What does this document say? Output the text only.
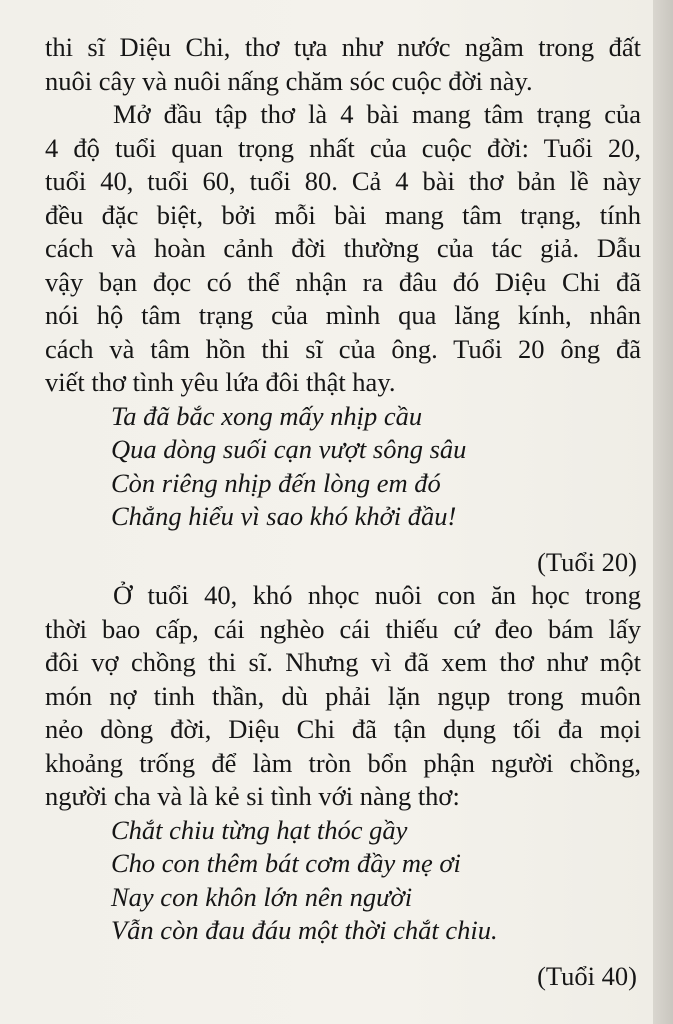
thi sĩ Diệu Chi, thơ tựa như nước ngầm trong đất
nuôi cây và nuôi nấng chăm sóc cuộc đời này.
Mở đầu tập thơ là 4 bài mang tâm trạng của
4 độ tuổi quan trọng nhất của cuộc đời: Tuổi 20,
tuổi 40, tuổi 60, tuổi 80. Cả 4 bài thơ bản lề này
đều đặc biệt, bởi mỗi bài mang tâm trạng, tính
cách và hoàn cảnh đời thường của tác giả. Dẫu
vậy bạn đọc có thể nhận ra đâu đó Diệu Chi đã
nói hộ tâm trạng của mình qua lăng kính, nhân
cách và tâm hồn thi sĩ của ông. Tuổi 20 ông đã
viết thơ tình yêu lứa đôi thật hay.
Ta đã bắc xong mấy nhịp cầu
Qua dòng suối cạn vượt sông sâu
Còn riêng nhịp đến lòng em đó
Chẳng hiểu vì sao khó khởi đầu!
(Tuổi 20)
Ở tuổi 40, khó nhọc nuôi con ăn học trong
thời bao cấp, cái nghèo cái thiếu cứ đeo bám lấy
đôi vợ chồng thi sĩ. Nhưng vì đã xem thơ như một
món nợ tinh thần, dù phải lặn ngụp trong muôn
nẻo dòng đời, Diệu Chi đã tận dụng tối đa mọi
khoảng trống để làm tròn bổn phận người chồng,
người cha và là kẻ si tình với nàng thơ:
Chắt chiu từng hạt thóc gầy
Cho con thêm bát cơm đầy mẹ ơi
Nay con khôn lớn nên người
Vẫn còn đau đáu một thời chắt chiu.
(Tuổi 40)
